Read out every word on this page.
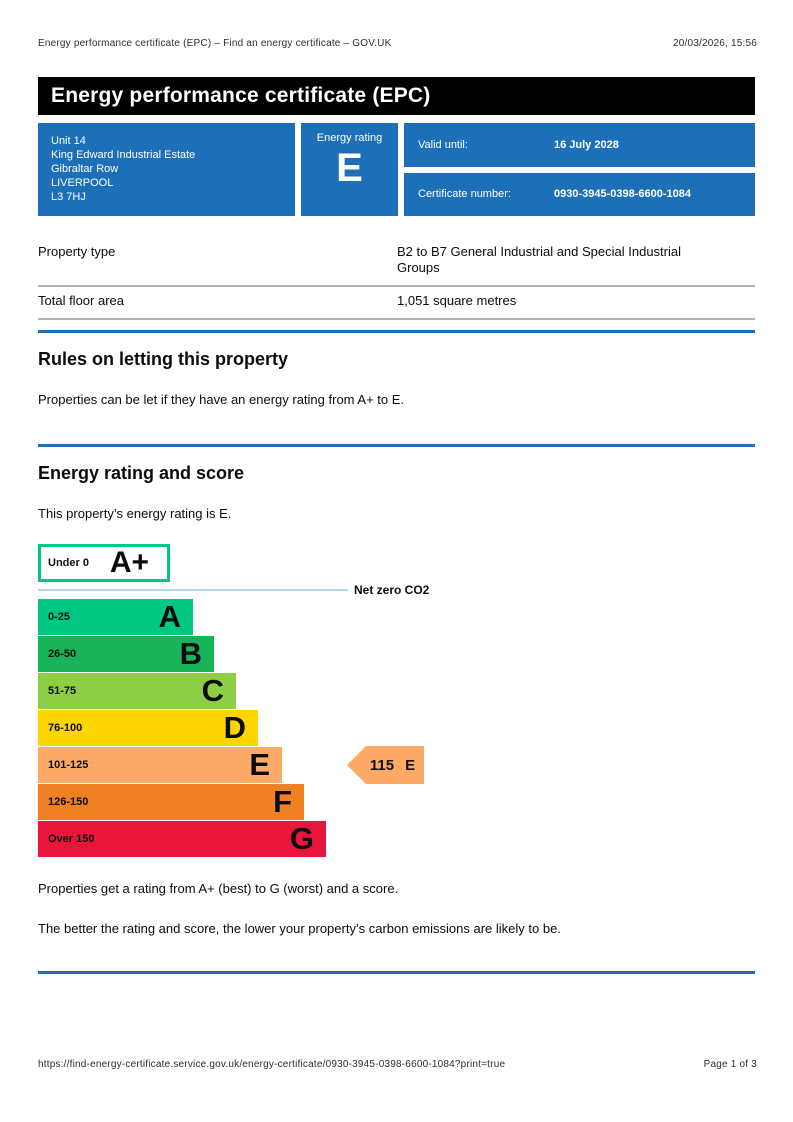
Energy performance certificate (EPC) – Find an energy certificate – GOV.UK	20/03/2026, 15:56
Energy performance certificate (EPC)
Unit 14
King Edward Industrial Estate
Gibraltar Row
LIVERPOOL
L3 7HJ
Energy rating
E
Valid until:	16 July 2028
Certificate number:	0930-3945-0398-6600-1084
Property type	B2 to B7 General Industrial and Special Industrial Groups

Total floor area	1,051 square metres
Rules on letting this property

Properties can be let if they have an energy rating from A+ to E.

Energy rating and score

This property’s energy rating is E.

Under 0 A+
Net zero CO2
0-25	A
26-50	B
51-75	C
76-100	D
101-125	E
126-150	F
Over 150	G
115 E

Properties get a rating from A+ (best) to G (worst) and a score.

The better the rating and score, the lower your property’s carbon emissions are likely to be.

https://find-energy-certificate.service.gov.uk/energy-certificate/0930-3945-0398-6600-1084?print=true	Page 1 of 3
